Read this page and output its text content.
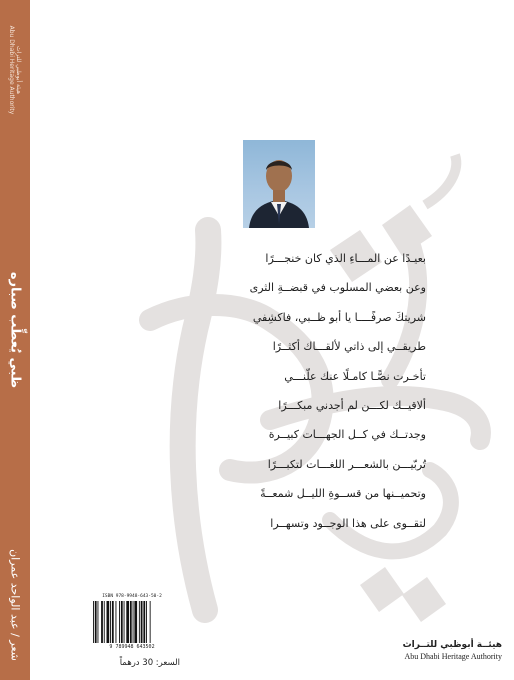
هيئة أبوظبي للتراث
Abu Dhabi Heritage Authority
ظبي يُعطِّب صباره
شعر / عبد الواحد عمران
بعيـدًا عن المـــاءِ الذي كان خنجـــرًا
وعن بعضي المسلوب في قبضــةِ الثرى
شريتكَ صرفًــــا يا أبو ظــبي، فاكشِفي
طريقــي إلى ذاتي لألقـــاك أكثــرًا
تأخـرت نصًّـا كامـلًا عنك علّنـــي
ألاقيــك لكـــن لم أجدني مبكـــرًا
وجدتــك في كــل الجهـــات كبيــرة
تُربّيـــن بالشعـــر اللغـــات لتكبـــرًا
وتحميــنها من قســوةِ الليــل شمعــةً
لتقــوى على هذا الوجــود وتسهــرا
ISBN 978-9948-643-50-2
9 789948 643502
السعر: 30 درهماً
هيئــة أبوظبي للتــراث
Abu Dhabi Heritage Authority
